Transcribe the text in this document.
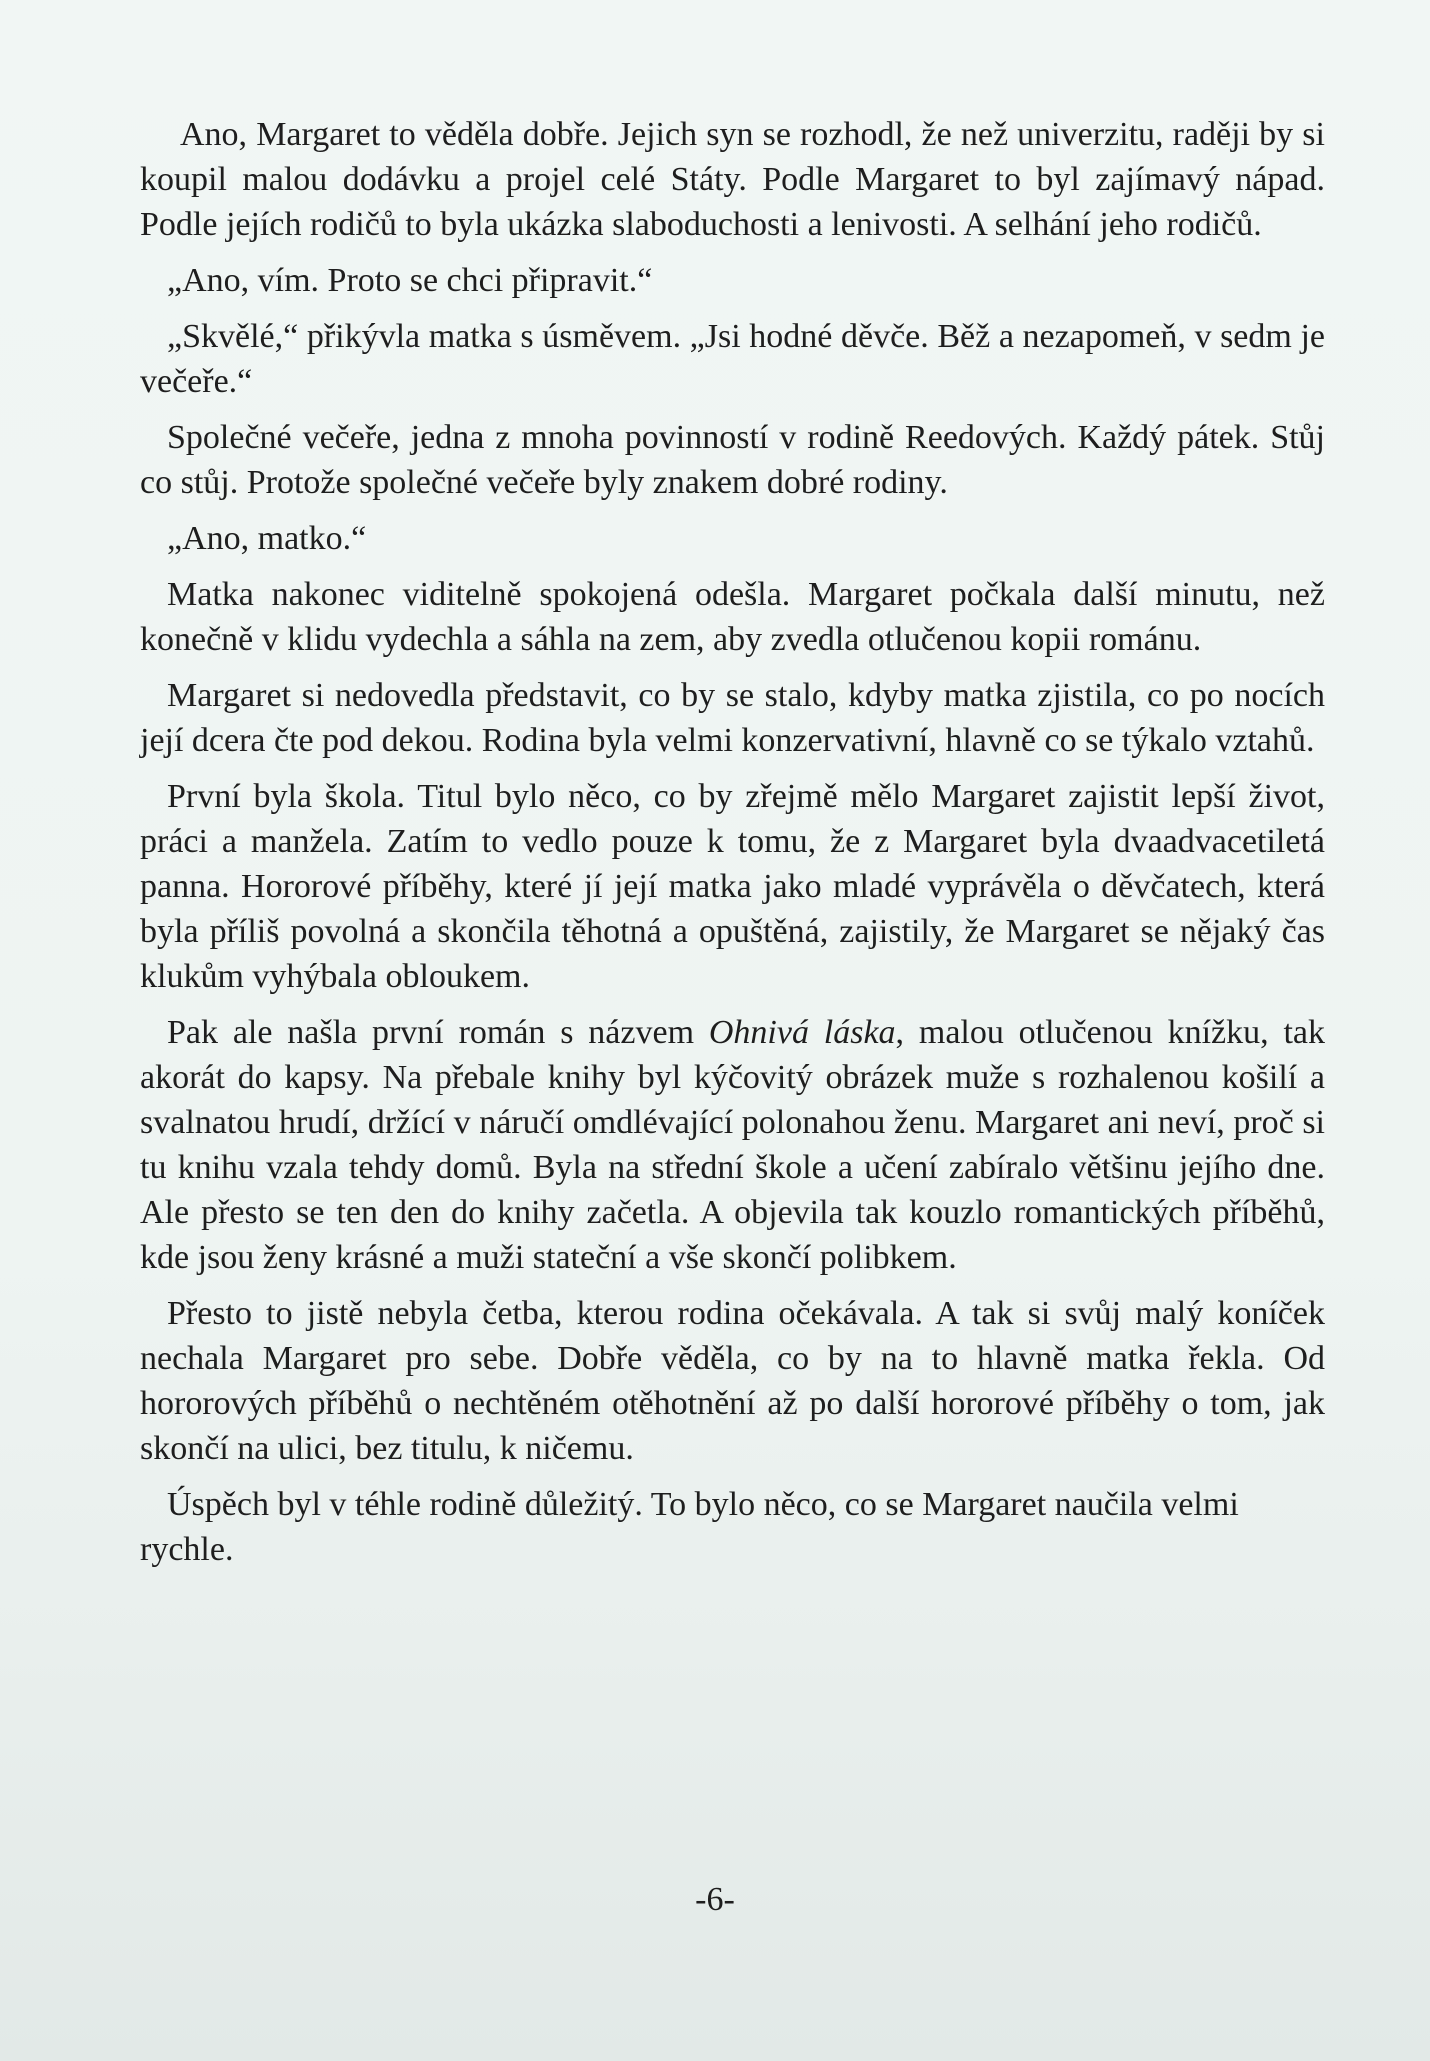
Ano, Margaret to věděla dobře. Jejich syn se rozhodl, že než univerzitu, raději by si koupil malou dodávku a projel celé Státy. Podle Margaret to byl zajímavý nápad. Podle jejích rodičů to byla ukázka slaboduchosti a lenivosti. A selhání jeho rodičů.

„Ano, vím. Proto se chci připravit.“

„Skvělé,“ přikývla matka s úsměvem. „Jsi hodné děvče. Běž a nezapomeň, v sedm je večeře.“

Společné večeře, jedna z mnoha povinností v rodině Reedových. Každý pátek. Stůj co stůj. Protože společné večeře byly znakem dobré rodiny.

„Ano, matko.“

Matka nakonec viditelně spokojená odešla. Margaret počkala další minutu, než konečně v klidu vydechla a sáhla na zem, aby zvedla otlučenou kopii románu.

Margaret si nedovedla představit, co by se stalo, kdyby matka zjistila, co po nocích její dcera čte pod dekou. Rodina byla velmi konzervativní, hlavně co se týkalo vztahů.

První byla škola. Titul bylo něco, co by zřejmě mělo Margaret zajistit lepší život, práci a manžela. Zatím to vedlo pouze k tomu, že z Margaret byla dvaadvacetiletá panna. Hororové příběhy, které jí její matka jako mladé vyprávěla o děvčatech, která byla příliš povolná a skončila těhotná a opuštěná, zajistily, že Margaret se nějaký čas klukům vyhýbala obloukem.

Pak ale našla první román s názvem Ohnivá láska, malou otlučenou knížku, tak akorát do kapsy. Na přebale knihy byl kýčovitý obrázek muže s rozhalenou košilí a svalnatou hrudí, držící v náručí omdlévající polonahou ženu. Margaret ani neví, proč si tu knihu vzala tehdy domů. Byla na střední škole a učení zabíralo většinu jejího dne. Ale přesto se ten den do knihy začetla. A objevila tak kouzlo romantických příběhů, kde jsou ženy krásné a muži stateční a vše skončí polibkem.

Přesto to jistě nebyla četba, kterou rodina očekávala. A tak si svůj malý koníček nechala Margaret pro sebe. Dobře věděla, co by na to hlavně matka řekla. Od hororových příběhů o nechtěném otěhotnění až po další hororové příběhy o tom, jak skončí na ulici, bez titulu, k ničemu.

Úspěch byl v téhle rodině důležitý. To bylo něco, co se Margaret naučila velmi rychle.

-6-
